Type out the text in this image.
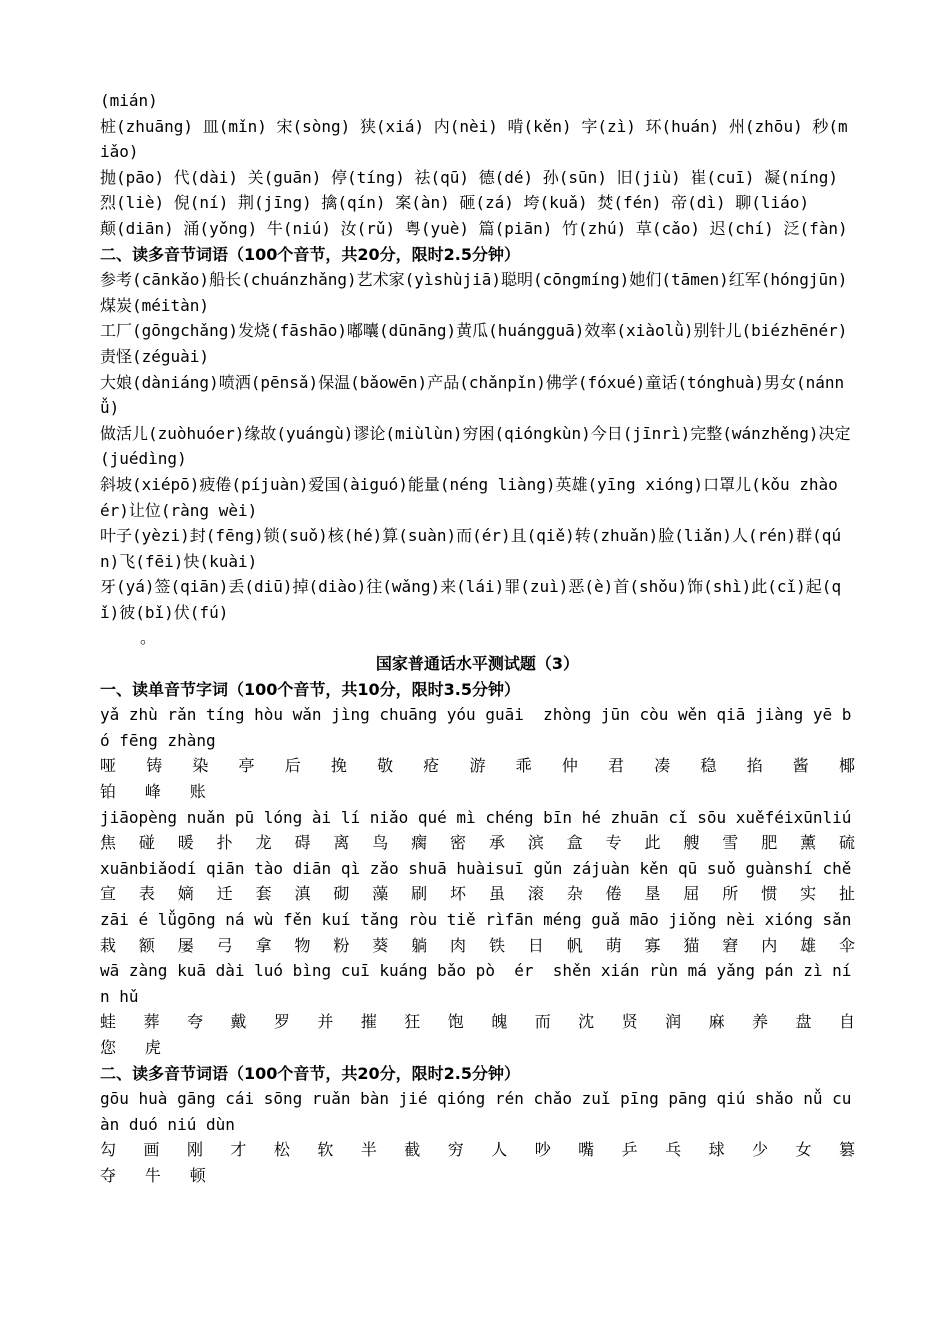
(mián)

桩(zhuāng) 皿(mǐn) 宋(sòng) 狭(xiá) 内(nèi) 啃(kěn) 字(zì) 环(huán) 州(zhōu) 秒(miǎo)

抛(pāo) 代(dài) 关(guān) 停(tíng) 祛(qū) 德(dé) 孙(sūn) 旧(jiù) 崔(cuī) 凝(níng)

烈(liè) 倪(ní) 荆(jīng) 擒(qín) 案(àn) 砸(zá) 垮(kuǎ) 焚(fén) 帝(dì) 聊(liáo)

颠(diān) 涌(yǒng) 牛(niú) 汝(rǔ) 粤(yuè) 篇(piān) 竹(zhú) 草(cǎo) 迟(chí) 泛(fàn)

二、读多音节词语（100个音节，共20分，限时2.5分钟）

参考(cānkǎo)船长(chuánzhǎng)艺术家(yìshùjiā)聪明(cōngmíng)她们(tāmen)红军(hóngjūn)煤炭(méitàn)

工厂(gōngchǎng)发烧(fāshāo)嘟囔(dūnāng)黄瓜(huángguā)效率(xiàolǜ)别针儿(biézhēnér)责怪(zéguài)

大娘(dàniáng)喷洒(pēnsǎ)保温(bǎowēn)产品(chǎnpǐn)佛学(fóxué)童话(tónghuà)男女(nánnǚ)

做活儿(zuòhuóer)缘故(yuángù)谬论(miùlùn)穷困(qióngkùn)今日(jīnrì)完整(wánzhěng)决定(juédìng)

斜坡(xiépō)疲倦(píjuàn)爱国(àiguó)能量(néng liàng)英雄(yīng xióng)口罩儿(kǒu zhào ér)让位(ràng wèi)

叶子(yèzi)封(fēng)锁(suǒ)核(hé)算(suàn)而(ér)且(qiě)转(zhuǎn)脸(liǎn)人(rén)群(qún)飞(fēi)快(kuài)

牙(yá)签(qiān)丢(diū)掉(diào)往(wǎng)来(lái)罪(zuì)恶(è)首(shǒu)饰(shì)此(cǐ)起(qǐ)彼(bǐ)伏(fú)

。

国家普通话水平测试题（3）

一、读单音节字词（100个音节，共10分，限时3.5分钟）

yǎ zhù rǎn tíng hòu wǎn jìng chuāng yóu guāi  zhòng jūn còu wěn qiā jiàng yē bó fēng zhàng

哑 铸 染 亭 后 挽 敬 疮 游 乖 仲 君 凑 稳 掐 酱 椰

铂   峰   账

jiāopèng nuǎn pū lóng ài lí niǎo qué mì chéng bīn hé zhuān cǐ sōu xuěféixūnliú

焦 碰 暖 扑 龙 碍 离 鸟 瘸 密 承 滨 盒 专 此 艘 雪 肥 薰 硫

xuānbiǎodí qiān tào diān qì zǎo shuā huàisuī gǔn zájuàn kěn qū suǒ guànshí chě

宣 表 嫡 迁 套 滇 砌 藻 刷 坏 虽 滚 杂 倦 垦 屈 所 惯 实 扯

zāi é lǚgōng ná wù fěn kuí tǎng ròu tiě rìfān méng guǎ māo jiǒng nèi xióng sǎn

栽 额 屡 弓 拿 物 粉 葵 躺 肉 铁 日 帆 萌 寡 猫 窘 内 雄 伞

wā zàng kuā dài luó bìng cuī kuáng bǎo pò  ér  shěn xián rùn má yǎng pán zì nín hǔ

蛙 葬 夸 戴 罗 并 摧 狂 饱 魄 而 沈 贤 润 麻 养 盘 自

您   虎

二、读多音节词语（100个音节，共20分，限时2.5分钟）

gōu huà gāng cái sōng ruǎn bàn jié qióng rén chǎo zuǐ pīng pāng qiú shǎo nǚ cuàn duó niú dùn

勾 画 刚 才 松 软 半 截 穷 人 吵 嘴 乒 乓 球 少 女 篡

夺   牛   顿
